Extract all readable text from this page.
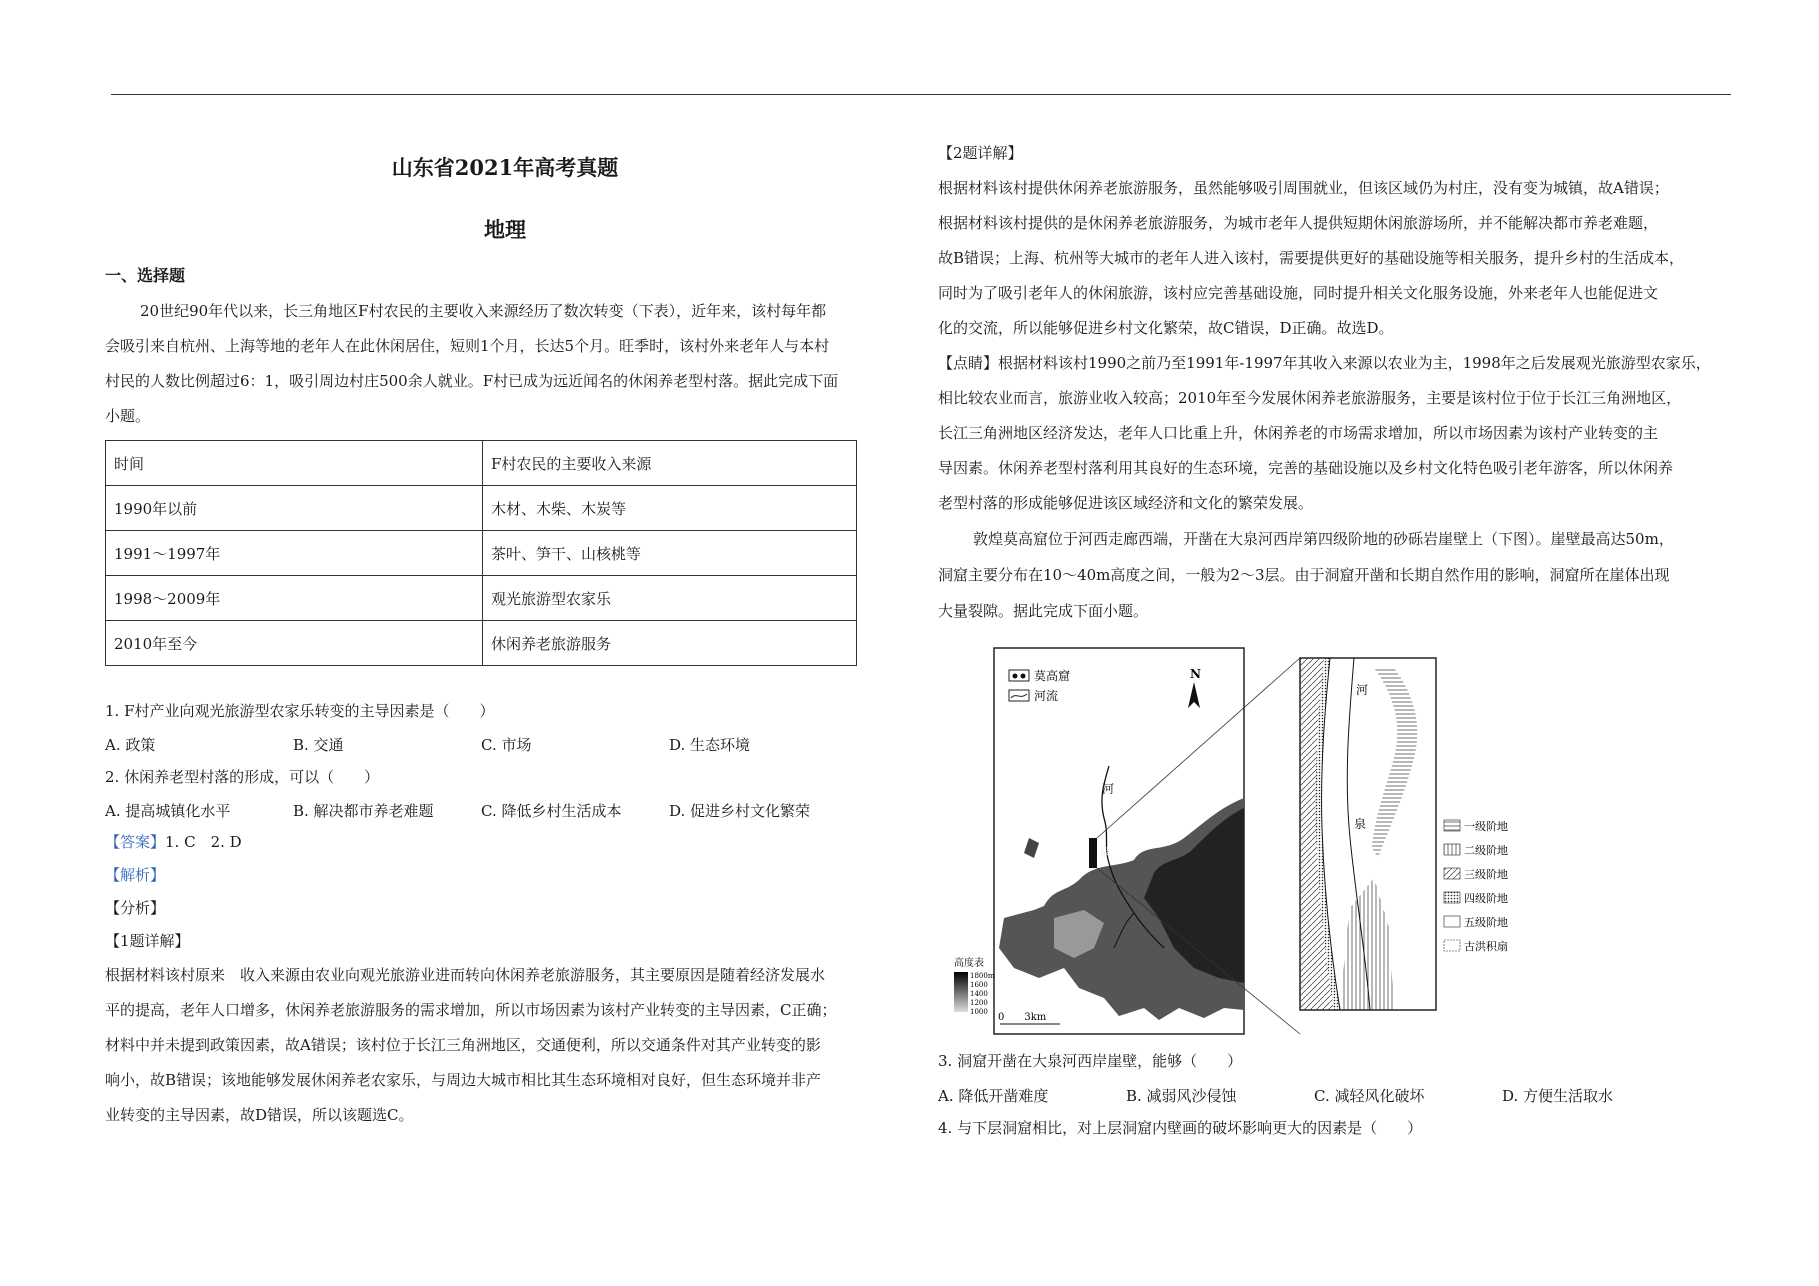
山东省2021年高考真题
地理
一、选择题
20世纪90年代以来，长三角地区F村农民的主要收入来源经历了数次转变（下表），近年来，该村每年都
会吸引来自杭州、上海等地的老年人在此休闲居住，短则1个月，长达5个月。旺季时，该村外来老年人与本村
村民的人数比例超过6：1，吸引周边村庄500余人就业。F村已成为远近闻名的休闲养老型村落。据此完成下面
小题。
时间	F村农民的主要收入来源
1990年以前	木材、木柴、木炭等
1991～1997年	茶叶、笋干、山核桃等
1998～2009年	观光旅游型农家乐
2010年至今	休闲养老旅游服务
1. F村产业向观光旅游型农家乐转变的主导因素是（　　）
A. 政策	B. 交通	C. 市场	D. 生态环境
2. 休闲养老型村落的形成，可以（　　）
A. 提高城镇化水平	B. 解决都市养老难题	C. 降低乡村生活成本	D. 促进乡村文化繁荣
【答案】1. C　2. D
【解析】
【分析】
【1题详解】
根据材料该村原来　收入来源由农业向观光旅游业进而转向休闲养老旅游服务，其主要原因是随着经济发展水
平的提高，老年人口增多，休闲养老旅游服务的需求增加，所以市场因素为该村产业转变的主导因素，C正确；
材料中并未提到政策因素，故A错误；该村位于长江三角洲地区，交通便利，所以交通条件对其产业转变的影
响小，故B错误；该地能够发展休闲养老农家乐，与周边大城市相比其生态环境相对良好，但生态环境并非产
业转变的主导因素，故D错误，所以该题选C。
【2题详解】
根据材料该村提供休闲养老旅游服务，虽然能够吸引周围就业，但该区域仍为村庄，没有变为城镇，故A错误；
根据材料该村提供的是休闲养老旅游服务，为城市老年人提供短期休闲旅游场所，并不能解决都市养老难题，
故B错误；上海、杭州等大城市的老年人进入该村，需要提供更好的基础设施等相关服务，提升乡村的生活成本，
同时为了吸引老年人的休闲旅游，该村应完善基础设施，同时提升相关文化服务设施，外来老年人也能促进文
化的交流，所以能够促进乡村文化繁荣，故C错误，D正确。故选D。
【点睛】根据材料该村1990之前乃至1991年-1997年其收入来源以农业为主，1998年之后发展观光旅游型农家乐，
相比较农业而言，旅游业收入较高；2010年至今发展休闲养老旅游服务，主要是该村位于位于长江三角洲地区，
长江三角洲地区经济发达，老年人口比重上升，休闲养老的市场需求增加，所以市场因素为该村产业转变的主
导因素。休闲养老型村落利用其良好的生态环境，完善的基础设施以及乡村文化特色吸引老年游客，所以休闲养
老型村落的形成能够促进该区域经济和文化的繁荣发展。
敦煌莫高窟位于河西走廊西端，开凿在大泉河西岸第四级阶地的砂砾岩崖壁上（下图）。崖壁最高达50m，
洞窟主要分布在10～40m高度之间，一般为2～3层。由于洞窟开凿和长期自然作用的影响，洞窟所在崖体出现
大量裂隙。据此完成下面小题。
3. 洞窟开凿在大泉河西岸崖壁，能够（　　）
A. 降低开凿难度	B. 减弱风沙侵蚀	C. 减轻风化破坏	D. 方便生活取水
4. 与下层洞窟相比，对上层洞窟内壁画的破坏影响更大的因素是（　　）
河
泉
莫高窟
河流
N
高度表
1800m
1600
1400
1200
1000 0　　3km
河
泉	一级阶地
二级阶地
三级阶地
四级阶地
五级阶地
古洪积扇
